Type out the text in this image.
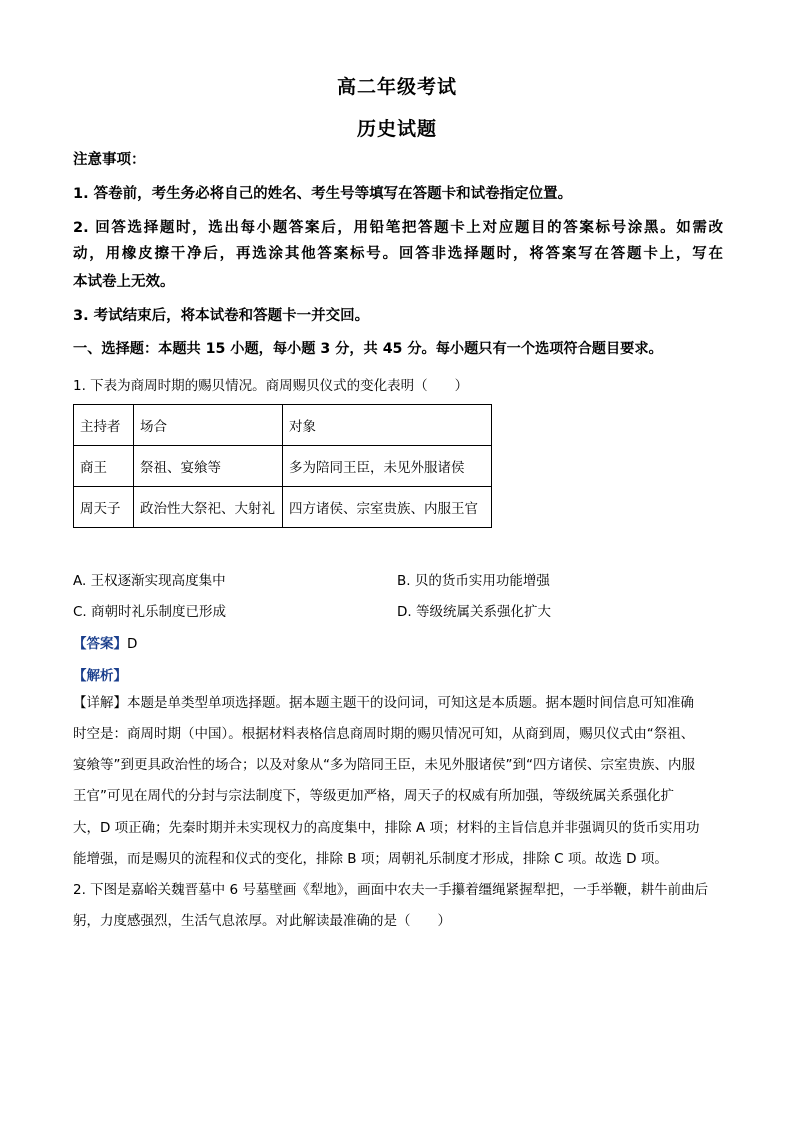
高二年级考试
历史试题
注意事项：
1. 答卷前，考生务必将自己的姓名、考生号等填写在答题卡和试卷指定位置。
2. 回答选择题时，选出每小题答案后，用铅笔把答题卡上对应题目的答案标号涂黑。如需改
动，用橡皮擦干净后，再选涂其他答案标号。回答非选择题时，将答案写在答题卡上，写在
本试卷上无效。
3. 考试结束后，将本试卷和答题卡一并交回。
一、选择题：本题共 15 小题，每小题 3 分，共 45 分。每小题只有一个选项符合题目要求。
1. 下表为商周时期的赐贝情况。商周赐贝仪式的变化表明（　　）
主持者	场合	对象
商王	祭祖、宴飨等	多为陪同王臣，未见外服诸侯
周天子	政治性大祭祀、大射礼	四方诸侯、宗室贵族、内服王官
A. 王权逐渐实现高度集中	B. 贝的货币实用功能增强
C. 商朝时礼乐制度已形成	D. 等级统属关系强化扩大
【答案】D
【解析】
【详解】本题是单类型单项选择题。据本题主题干的设问词，可知这是本质题。据本题时间信息可知准确
时空是：商周时期（中国）。根据材料表格信息商周时期的赐贝情况可知，从商到周，赐贝仪式由“祭祖、
宴飨等”到更具政治性的场合；以及对象从“多为陪同王臣，未见外服诸侯”到“四方诸侯、宗室贵族、内服
王官”可见在周代的分封与宗法制度下，等级更加严格，周天子的权威有所加强，等级统属关系强化扩
大，D 项正确；先秦时期并未实现权力的高度集中，排除 A 项；材料的主旨信息并非强调贝的货币实用功
能增强，而是赐贝的流程和仪式的变化，排除 B 项；周朝礼乐制度才形成，排除 C 项。故选 D 项。
2. 下图是嘉峪关魏晋墓中 6 号墓壁画《犁地》，画面中农夫一手攥着缰绳紧握犁把，一手举鞭，耕牛前曲后
躬，力度感强烈，生活气息浓厚。对此解读最准确的是（　　）
